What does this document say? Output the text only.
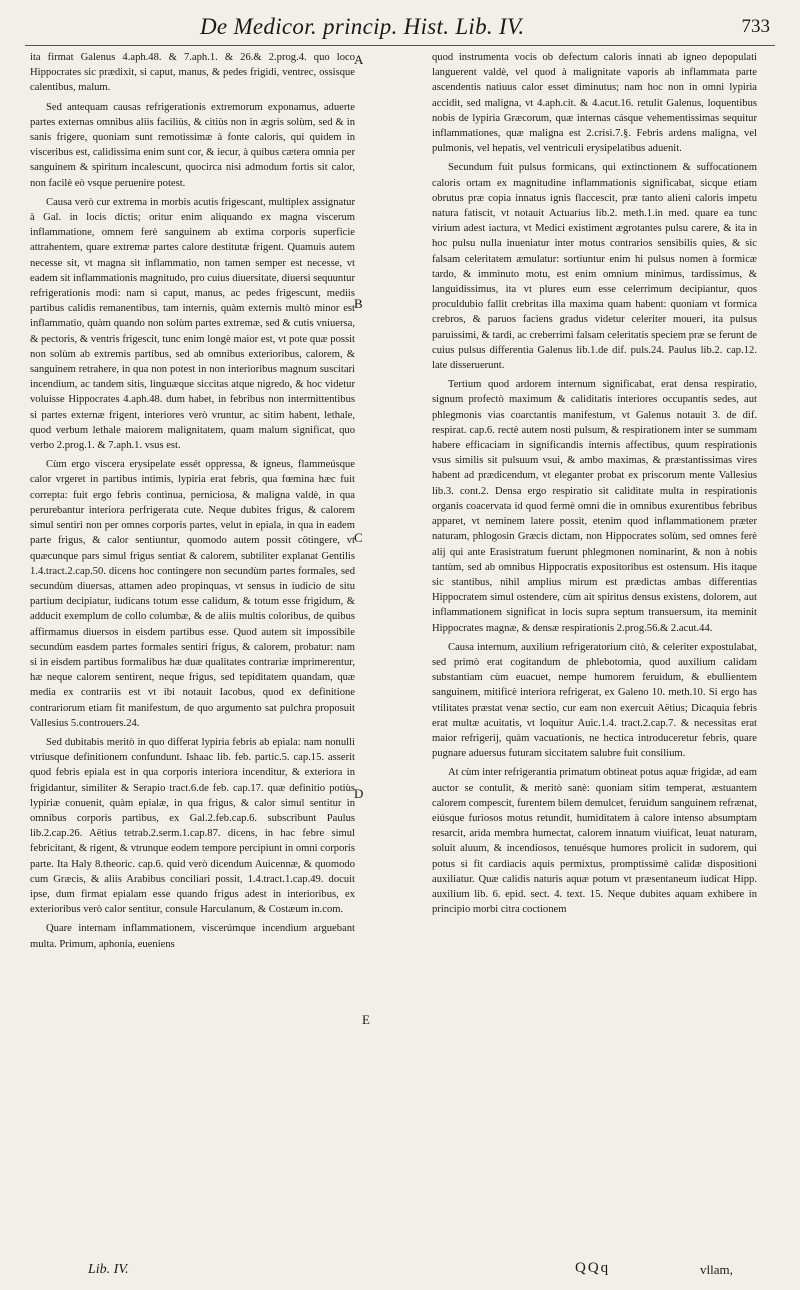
De Medicor. princip. Hist. Lib. IV.	733

ita firmat Galenus 4.aph.48. & 7.aph.1. & 26.& 2.prog.4. quo loco Hippocrates sic prædixit, si caput, manus, & pedes frigidi, ventrec, ossisque calentibus, malum.

Sed antequam causas refrigerationis extremorum exponamus, aduerte partes externas omnibus aliis faciliùs, & citiùs non in ægris solùm, sed & in sanis frigere, quoniam sunt remotissimæ à fonte caloris, qui quidem in visceribus est, calidissima enim sunt cor, & iecur, à quibus cætera omnia per sanguinem & spiritum incalescunt, quocirca nisi admodum fortis sit calor, non facilè eò vsque peruenire potest.

Causa verò cur extrema in morbis acutis frigescant, multiplex assignatur à Gal. in locis dictis; oritur enim aliquando ex magna viscerum inflammatione, omnem ferè sanguinem ab extima corporis superficie attrahentem, quare extremæ partes calore destitutæ frigent. Quamuis autem necesse sit, vt magna sit inflammatio, non tamen semper est necesse, vt eadem sit inflammationis magnitudo, pro cuius diuersitate, diuersi sequuntur refrigerationis modi: nam si caput, manus, ac pedes frigescunt, mediis partibus calidis remanentibus, tam internis, quàm externis multò minor est inflammatio, quàm quando non solùm partes extremæ, sed & cutis vniuersa, & pectoris, & ventris frigescit, tunc enim longè maior est, vt pote quæ possit non solùm ab extremis partibus, sed ab omnibus exterioribus, calorem, & sanguinem retrahere, in qua non potest in non interioribus magnum suscitari incendium, ac tandem sitis, linguæque siccitas atque nigredo, & hoc videtur voluisse Hippocrates 4.aph.48. dum habet, in febribus non intermittentibus si partes externæ frigent, interiores verò vruntur, ac sitim habent, lethale, quod verbum lethale maiorem malignitatem, quam malum significat, quo verbo 2.prog.1. & 7.aph.1. vsus est.

Cùm ergo viscera erysipelate essét oppressa, & igneus, flammeúsque calor vrgeret in partibus intimis, lypiria erat febris, qua fœmina hæc fuit correpta: fuit ergo febris continua, perniciosa, & maligna valdè, in qua perurebantur interiora perfrigerata cute. Neque dubites frigus, & calorem simul sentiri non per omnes corporis partes, velut in epiala, in qua in eadem parte frigus, & calor sentiuntur, quomodo autem possit cötingere, vt quæcunque pars simul frigus sentiat & calorem, subtiliter explanat Gentilis 1.4.tract.2.cap.50. dicens hoc contingere non secundùm partes formales, sed secundùm diuersas, attamen adeo propinquas, vt sensus in iudicio de situ partium decipiatur, iudicans totum esse calidum, & totum esse frigidum, & adducit exemplum de collo columbæ, & de aliis multis coloribus, de quibus affirmamus diuersos in eisdem partibus esse. Quod autem sit impossibile secundùm easdem partes formales sentiri frigus, & calorem, probatur: nam si in eisdem partibus formalibus hæ duæ qualitates contrariæ imprimerentur, hæ neque calorem sentirent, neque frigus, sed tepiditatem quandam, quæ media ex contrariis est vt ibi notauit Iacobus, quod ex definitione contrariorum etiam fit manifestum, de quo argumento sat pulchra proposuit Vallesius 5.controuers.24.

Sed dubitabis meritò in quo differat lypiria febris ab epiala: nam nonulli vtriusque definitionem confundunt. Ishaac lib. feb. partic.5. cap.15. asserit quod febris epiala est in qua corporis interiora incenditur, & exteriora in frigidantur, similiter & Serapio tract.6.de feb. cap.17. quæ definitio potiùs lypiriæ conuenit, quàm epialæ, in qua frigus, & calor simul sentitur in omnibus corporis partibus, ex Gal.2.feb.cap.6. subscribunt Paulus lib.2.cap.26. Aëtius tetrab.2.serm.1.cap.87. dicens, in hac febre simul febricitant, & rigent, & vtrunque eodem tempore percipiunt in omni corporis parte. Ita Haly 8.theoric. cap.6. quid verò dicendum Auicennæ, & quomodo cum Græcis, & aliis Arabibus conciliari possit, 1.4.tract.1.cap.49. docuit ipse, dum firmat epialam esse quando frigus adest in interioribus, ex exterioribus verò calor sentitur, consule Harculanum, & Costæum in.com.

Quare internam inflammationem, viscerúmque incendium arguebant multa. Primum, aphonia, eueniens

A
B
C
D
E

quod instrumenta vocis ob defectum caloris innati ab igneo depopulati languerent valdè, vel quod à malignitate vaporis ab inflammata parte ascendentis natiuus calor esset diminutus; nam hoc non in omni lypiria accidit, sed maligna, vt 4.aph.cit. & 4.acut.16. retulit Galenus, loquentibus nobis de lypiria Græcorum, quæ internas cásque vehementissimas sequitur inflammationes, quæ maligna est 2.crisi.7.§. Febris ardens maligna, vel pulmonis, vel hepatis, vel ventriculi erysipelatibus aduenit.

Secundum fuit pulsus formicans, qui extinctionem & suffocationem caloris ortam ex magnitudine inflammationis significabat, sicque etiam obrutus præ copia innatus ignis flaccescit, præ tanto alieni caloris impetu natura fatiscit, vt notauit Actuarius lib.2. meth.1.in med. quare ea tunc virium adest iactura, vt Medici existiment ægrotantes pulsu carere, & ita in hoc pulsu nulla inueniatur inter motus contrarios sensibilis quies, & sic falsam celeritatem æmulatur: sortiuntur enim hi pulsus nomen à formicæ tardo, & imminuto motu, est enim omnium minimus, tardissimus, & languidissimus, ita vt plures eum esse celerrimum decipiantur, quos proculdubio fallit crebritas illa maxima quam habent: quoniam vt formica crebros, & paruos faciens gradus videtur celeriter moueri, ita pulsus paruissimi, & tardi, ac creberrimi falsam celeritatis speciem præ se ferunt de cuius pulsus differentia Galenus lib.1.de dif. puls.24. Paulus lib.2. cap.12. late disseruerunt.

Tertium quod ardorem internum significabat, erat densa respiratio, signum profectò maximum & caliditatis interiores occupantis sedes, aut phlegmonis vias coarctantis manifestum, vt Galenus notauit 3. de dif. respirat. cap.6. rectè autem nosti pulsum, & respirationem inter se summam habere efficaciam in significandis internis affectibus, quum respirationis vsus similis sit pulsuum vsui, & ambo maximas, & præstantissimas vires habent ad prædicendum, vt eleganter probat ex priscorum mente Vallesius lib.3. cont.2. Densa ergo respiratio sit caliditate multa in respirationis organis coacervata id quod fermè omni die in omnibus exurentibus febribus apparet, vt neminem latere possit, etenim quod inflammationem præter naturam, phlogosin Græcis dictam, non Hippocrates solùm, sed omnes ferè alij qui ante Erasistratum fuerunt phlegmonen nominarint, & non à nobis tantùm, sed ab omnibus Hippocratis expositoribus est ostensum. His itaque sic stantibus, nihil amplius mirum est prædictas ambas differentias Hippocratem simul ostendere, cùm ait spiritus densus existens, dolorem, aut inflammationem significat in locis supra septum transuersum, ita meminit Hippocrates magnæ, & densæ respirationis 2.prog.56.& 2.acut.44.

Causa internum, auxilium refrigeratorium citò, & celeriter expostulabat, sed primò erat cogitandum de phlebotomia, quod auxilium calidam substantiam cùm euacuet, nempe humorem feruidum, & ebullientem sanguinem, mitificè interiora refrigerat, ex Galeno 10. meth.10. Si ergo has vtilitates præstat venæ sectio, cur eam non exercuit Aëtius; Dicaquia febris erat multæ acuitatis, vt loquitur Auic.1.4. tract.2.cap.7. & necessitas erat maior refrigerij, quàm vacuationis, ne hectica introduceretur febris, quare pugnare aduersus futuram siccitatem salubre fuit consilium.

At cùm inter refrigerantia primatum obtineat potus aquæ frigidæ, ad eam auctor se contulit, & meritò sanè: quoniam sitim temperat, æstuantem calorem compescit, furentem bilem demulcet, feruidum sanguinem refrænat, eiúsque furiosos motus retundit, humiditatem à calore intenso absumptam resarcit, arida membra humectat, calorem innatum viuificat, leuat naturam, soluit aluum, & incendiosos, tenuésque humores prolicit in sudorem, qui potus si fit cardiacis aquis permixtus, promptissimè calidæ dispositioni auxiliatur. Quæ calidis naturis aquæ potum vt præsentaneum iudicat Hipp. auxilium lib. 6. epid. sect. 4. text. 15. Neque dubites aquam exhibere in principio morbi citra coctionem

Lib. IV.	QQq	vllam,
